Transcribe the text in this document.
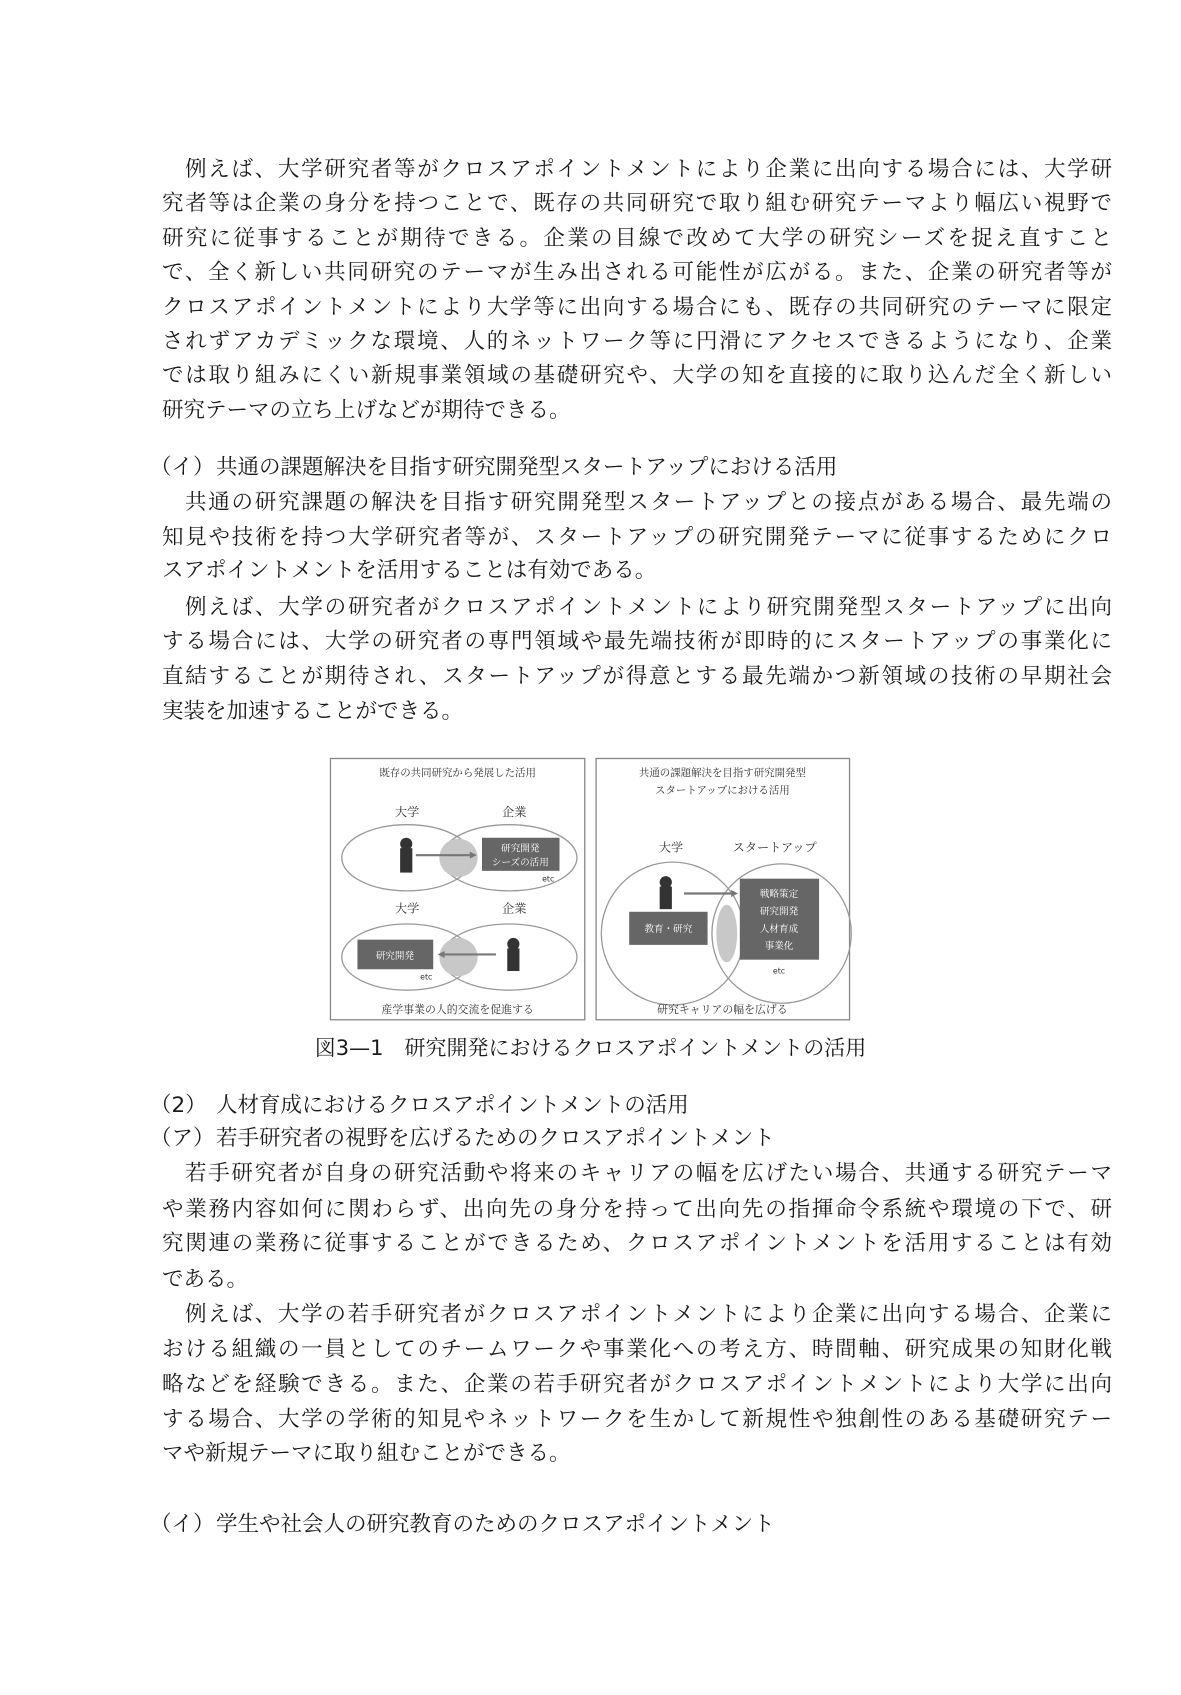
例えば、大学研究者等がクロスアポイントメントにより企業に出向する場合には、大学研
究者等は企業の身分を持つことで、既存の共同研究で取り組む研究テーマより幅広い視野で
研究に従事することが期待できる。企業の目線で改めて大学の研究シーズを捉え直すこと
で、全く新しい共同研究のテーマが生み出される可能性が広がる。また、企業の研究者等が
クロスアポイントメントにより大学等に出向する場合にも、既存の共同研究のテーマに限定
されずアカデミックな環境、人的ネットワーク等に円滑にアクセスできるようになり、企業
では取り組みにくい新規事業領域の基礎研究や、大学の知を直接的に取り込んだ全く新しい
研究テーマの立ち上げなどが期待できる。
共通の研究課題の解決を目指す研究開発型スタートアップとの接点がある場合、最先端の
知見や技術を持つ大学研究者等が、スタートアップの研究開発テーマに従事するためにクロ
スアポイントメントを活用することは有効である。
例えば、大学の研究者がクロスアポイントメントにより研究開発型スタートアップに出向
する場合には、大学の研究者の専門領域や最先端技術が即時的にスタートアップの事業化に
直結することが期待され、スタートアップが得意とする最先端かつ新領域の技術の早期社会
実装を加速することができる。
若手研究者が自身の研究活動や将来のキャリアの幅を広げたい場合、共通する研究テーマ
や業務内容如何に関わらず、出向先の身分を持って出向先の指揮命令系統や環境の下で、研
究関連の業務に従事することができるため、クロスアポイントメントを活用することは有効
である。
例えば、大学の若手研究者がクロスアポイントメントにより企業に出向する場合、企業に
おける組織の一員としてのチームワークや事業化への考え方、時間軸、研究成果の知財化戦
略などを経験できる。また、企業の若手研究者がクロスアポイントメントにより大学に出向
する場合、大学の学術的知見やネットワークを生かして新規性や独創性のある基礎研究テー
マや新規テーマに取り組むことができる。
（イ）共通の課題解決を目指す研究開発型スタートアップにおける活用
既存の共同研究から発展した活用
大学	企業
研究開発
シーズの活用
etc
大学	企業
研究開発
etc
産学事業の人的交流を促進する
共通の課題解決を目指す研究開発型
スタートアップにおける活用
大学	スタートアップ
教育・研究
戦略策定
研究開発
人材育成
事業化
etc
研究キャリアの幅を広げる
図3—1　研究開発におけるクロスアポイントメントの活用
（2） 人材育成におけるクロスアポイントメントの活用
（ア）若手研究者の視野を広げるためのクロスアポイントメント
（イ）学生や社会人の研究教育のためのクロスアポイントメント
